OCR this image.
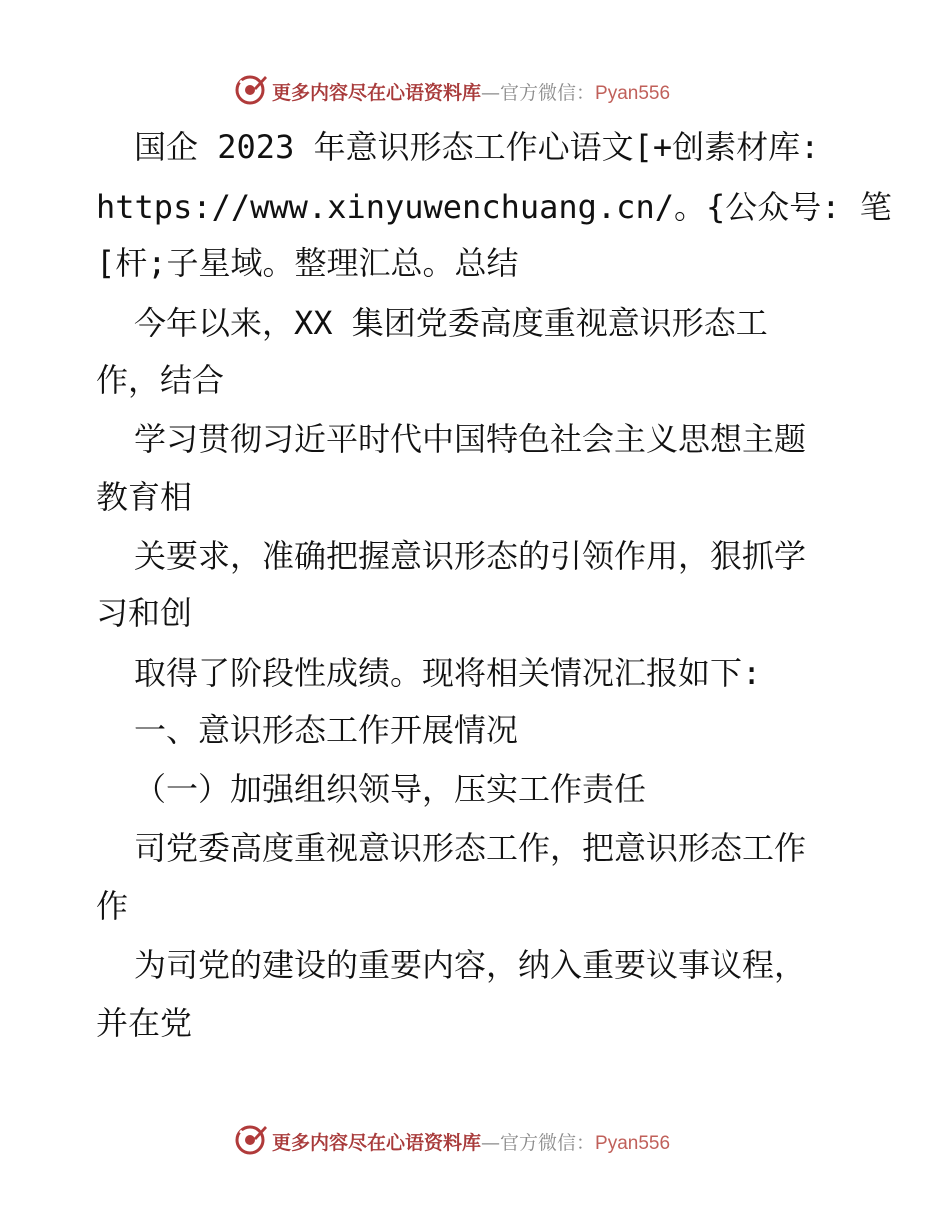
更多内容尽在心语资料库—官方微信：Pyan556
国企 2023 年意识形态工作心语文[+创素材库:
https://www.xinyuwenchuang.cn/。{公众号: 笔
[杆;子星域。整理汇总。总结
今年以来，XX 集团党委高度重视意识形态工
作，结合
学习贯彻习近平时代中国特色社会主义思想主题
教育相
关要求，准确把握意识形态的引领作用，狠抓学
习和创
取得了阶段性成绩。现将相关情况汇报如下:
一、意识形态工作开展情况
（一）加强组织领导，压实工作责任
司党委高度重视意识形态工作，把意识形态工作
作
为司党的建设的重要内容，纳入重要议事议程，
并在党
更多内容尽在心语资料库—官方微信：Pyan556
